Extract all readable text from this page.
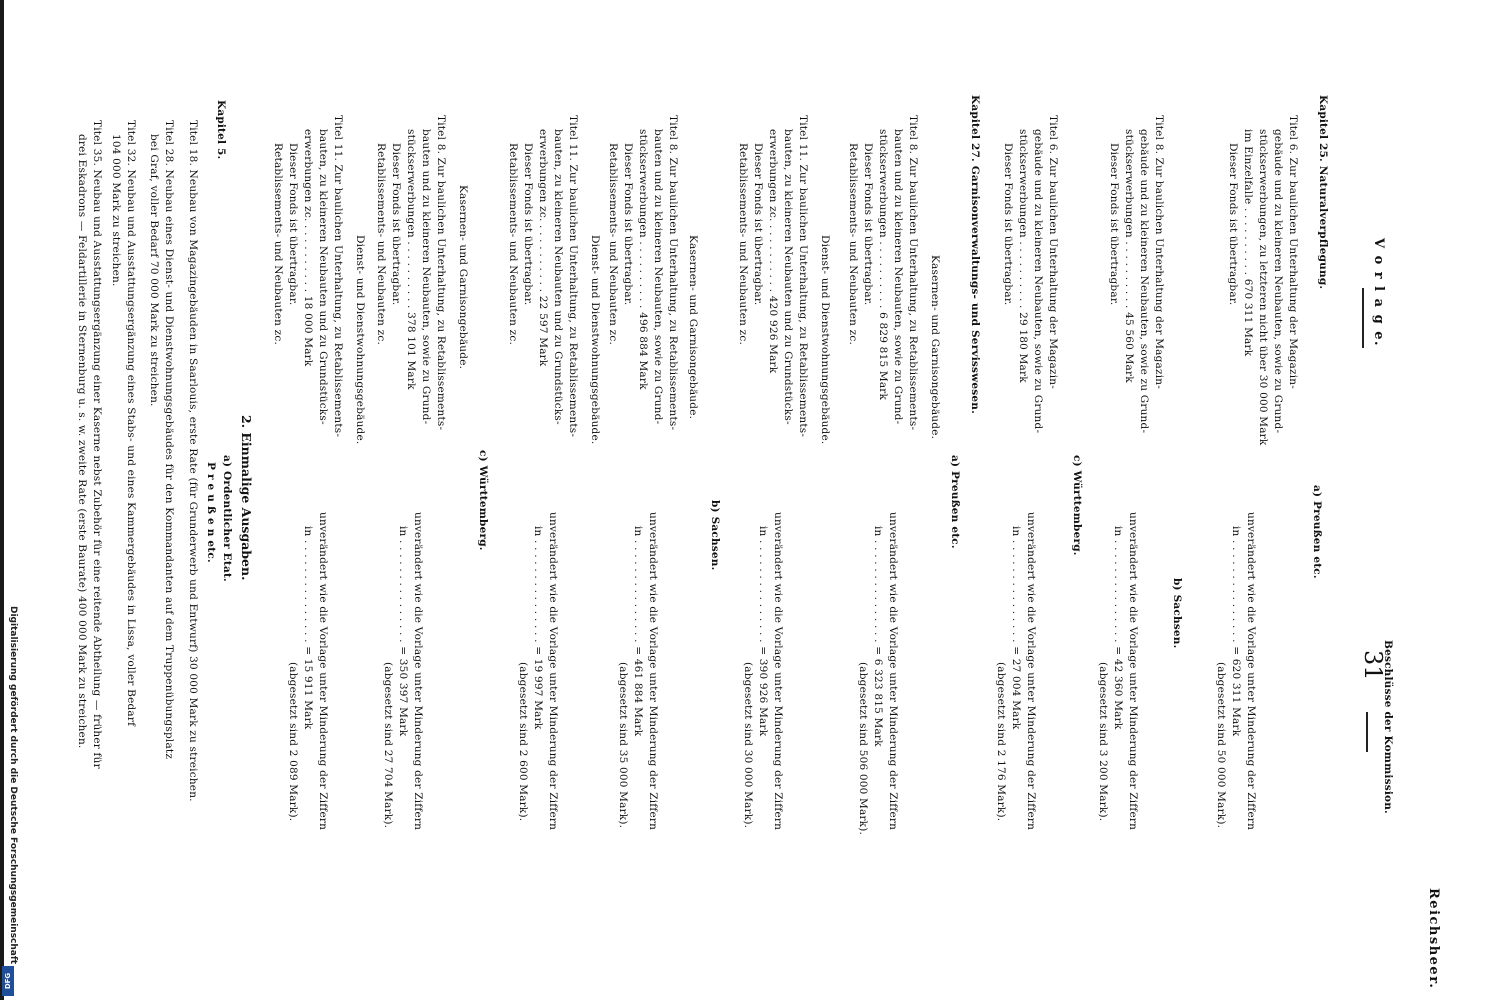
V o r l a g e.
31
Beschlüsse der Kommission.
Reichsheer.
Kapitel 25. Naturalverpflegung.
a) Preußen etc.
Titel 6. Zur baulichen Unterhaltung der Magazin-
gebäude und zu kleineren Neubauten, sowie zu Grund-
stückserwerbungen, zu letzteren nicht über 30 000 Mark
im Einzelfalle . . . . . . . . . . 670 311 Mark
Dieser Fonds ist übertragbar.
unverändert wie die Vorlage unter Minderung der Ziffern
in . . . . . . . . . . . . . . . = 620 311 Mark
(abgesetzt sind 50 000 Mark).
b) Sachsen.
Titel 8. Zur baulichen Unterhaltung der Magazin-
gebäude und zu kleineren Neubauten, sowie zu Grund-
stückserwerbungen . . . . . . . . . . 45 560 Mark
Dieser Fonds ist übertragbar.
unverändert wie die Vorlage unter Minderung der Ziffern
in . . . . . . . . . . . . . . . = 42 360 Mark
(abgesetzt sind 3 200 Mark).
c) Württemberg.
Titel 6. Zur baulichen Unterhaltung der Magazin-
gebäude und zu kleineren Neubauten, sowie zu Grund-
stückserwerbungen . . . . . . . . . . 29 180 Mark
Dieser Fonds ist übertragbar.
unverändert wie die Vorlage unter Minderung der Ziffern
in . . . . . . . . . . . . . . . = 27 004 Mark
(abgesetzt sind 2 176 Mark).
Kapitel 27. Garnisonverwaltungs- und Servisswesen.
a) Preußen etc.
Kasernen- und Garnisongebäude.
Titel 8. Zur baulichen Unterhaltung, zu Retablissements-
bauten und zu kleineren Neubauten, sowie zu Grund-
stückserwerbungen . . . . . . . . . . 6 829 815 Mark
Dieser Fonds ist übertragbar.
Retablissements- und Neubauten zc.
unverändert wie die Vorlage unter Minderung der Ziffern
in . . . . . . . . . . . . . . . = 6 323 815 Mark
(abgesetzt sind 506 000 Mark).
Dienst- und Dienstwohnungsgebäude.
Titel 11. Zur baulichen Unterhaltung, zu Retablissements-
bauten, zu kleineren Neubauten und zu Grundstücks-
erwerbungen zc. . . . . . . . . . . 420 926 Mark
Dieser Fonds ist übertragbar.
Retablissements- und Neubauten zc.
unverändert wie die Vorlage unter Minderung der Ziffern
in . . . . . . . . . . . . . . . = 390 926 Mark
(abgesetzt sind 30 000 Mark).
b) Sachsen.
Kasernen- und Garnisongebäude.
Titel 8. Zur baulichen Unterhaltung, zu Retablissements-
bauten und zu kleineren Neubauten, sowie zu Grund-
stückserwerbungen . . . . . . . . . . 496 884 Mark
Dieser Fonds ist übertragbar.
Retablissements- und Neubauten zc.
unverändert wie die Vorlage unter Minderung der Ziffern
in . . . . . . . . . . . . . . . = 461 884 Mark
(abgesetzt sind 35 000 Mark).
Dienst- und Dienstwohnungsgebäude.
Titel 11. Zur baulichen Unterhaltung, zu Retablissements-
bauten, zu kleineren Neubauten und zu Grundstücks-
erwerbungen zc. . . . . . . . . . . 22 597 Mark
Dieser Fonds ist übertragbar.
Retablissements- und Neubauten zc.
unverändert wie die Vorlage unter Minderung der Ziffern
in . . . . . . . . . . . . . . . = 19 997 Mark
(abgesetzt sind 2 600 Mark).
c) Württemberg.
Kasernen- und Garnisongebäude.
Titel 8. Zur baulichen Unterhaltung, zu Retablissements-
bauten und zu kleineren Neubauten, sowie zu Grund-
stückserwerbungen . . . . . . . . . . 378 101 Mark
Dieser Fonds ist übertragbar.
Retablissements- und Neubauten zc.
unverändert wie die Vorlage unter Minderung der Ziffern
in . . . . . . . . . . . . . . . = 350 397 Mark
(abgesetzt sind 27 704 Mark).
Dienst- und Dienstwohnungsgebäude.
Titel 11. Zur baulichen Unterhaltung, zu Retablissements-
bauten, zu kleineren Neubauten und zu Grundstücks-
erwerbungen zc. . . . . . . . . . . 18 000 Mark
Dieser Fonds ist übertragbar.
Retablissements- und Neubauten zc.
unverändert wie die Vorlage unter Minderung der Ziffern
in . . . . . . . . . . . . . . . = 15 911 Mark
(abgesetzt sind 2 089 Mark).
2. Einmalige Ausgaben.
a) Ordentlicher Etat.
P r e u ß e n etc.
Kapitel 5.
Titel 18. Neubau von Magazingebäuden in Saarlouis, erste Rate (für Grunderwerb und Entwurf) 30 000 Mark zu streichen.
Titel 28. Neubau eines Dienst- und Dienstwohnungsgebäudes für den Kommandanten auf dem Truppenübungsplatz
bei Graf, voller Bedarf 70 000 Mark zu streichen.
Titel 32. Neubau und Ausstattungsergänzung eines Stabs- und eines Kammergebäudes in Lissa, voller Bedarf
104 000 Mark zu streichen.
Titel 35. Neubau und Ausstattungsergänzung einer Kaserne nebst Zubehör für eine reitende Abtheilung — früher für
drei Eskadrons — Feldartillerie in Sternenburg u. s. w. zweite Rate (erste Baurate) 400 000 Mark zu streichen.
Digitalisierung gefördert durch die Deutsche Forschungsgemeinschaft
DFG
